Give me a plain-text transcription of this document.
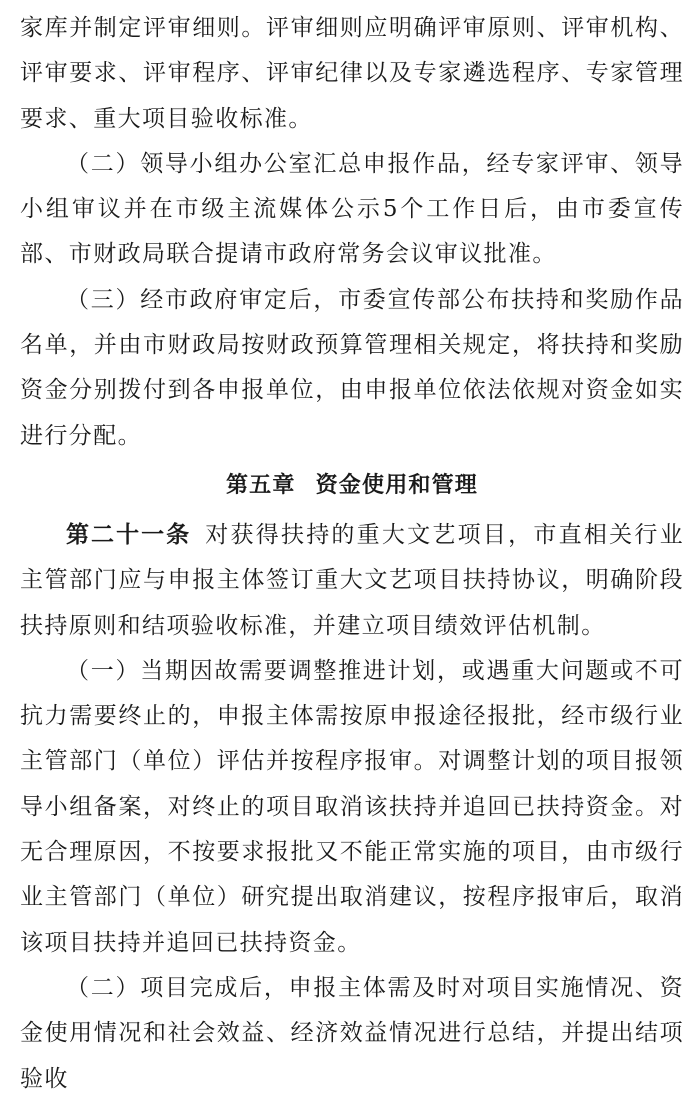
家库并制定评审细则。评审细则应明确评审原则、评审机构、评审要求、评审程序、评审纪律以及专家遴选程序、专家管理要求、重大项目验收标准。

（二）领导小组办公室汇总申报作品，经专家评审、领导小组审议并在市级主流媒体公示5个工作日后，由市委宣传部、市财政局联合提请市政府常务会议审议批准。

（三）经市政府审定后，市委宣传部公布扶持和奖励作品名单，并由市财政局按财政预算管理相关规定，将扶持和奖励资金分别拨付到各申报单位，由申报单位依法依规对资金如实进行分配。

第五章 资金使用和管理

第二十一条 对获得扶持的重大文艺项目，市直相关行业主管部门应与申报主体签订重大文艺项目扶持协议，明确阶段扶持原则和结项验收标准，并建立项目绩效评估机制。

（一）当期因故需要调整推进计划，或遇重大问题或不可抗力需要终止的，申报主体需按原申报途径报批，经市级行业主管部门（单位）评估并按程序报审。对调整计划的项目报领导小组备案，对终止的项目取消该扶持并追回已扶持资金。对无合理原因，不按要求报批又不能正常实施的项目，由市级行业主管部门（单位）研究提出取消建议，按程序报审后，取消该项目扶持并追回已扶持资金。

（二）项目完成后，申报主体需及时对项目实施情况、资金使用情况和社会效益、经济效益情况进行总结，并提出结项验收
